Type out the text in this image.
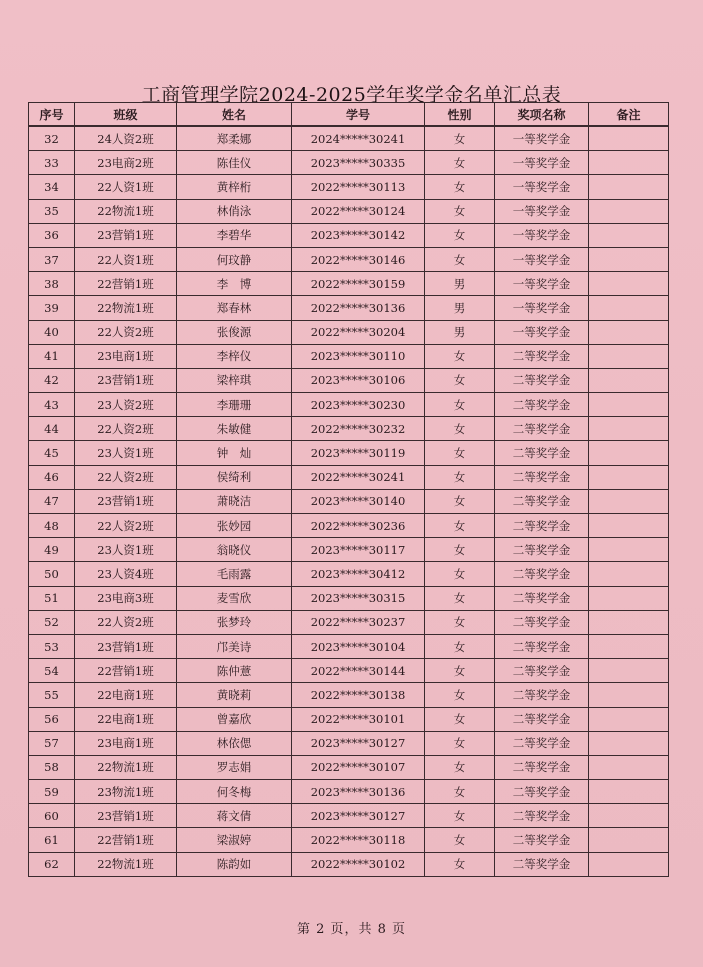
工商管理学院2024-2025学年奖学金名单汇总表
序号	班级	姓名	学号	性别	奖项名称	备注
32	24人资2班	郑柔娜	2024*****30241	女	一等奖学金	
33	23电商2班	陈佳仪	2023*****30335	女	一等奖学金	
34	22人资1班	黄梓桁	2022*****30113	女	一等奖学金	
35	22物流1班	林俏泳	2022*****30124	女	一等奖学金	
36	23营销1班	李碧华	2023*****30142	女	一等奖学金	
37	22人资1班	何玟静	2022*****30146	女	一等奖学金	
38	22营销1班	李　博	2022*****30159	男	一等奖学金	
39	22物流1班	郑春林	2022*****30136	男	一等奖学金	
40	22人资2班	张俊源	2022*****30204	男	一等奖学金	
41	23电商1班	李梓仪	2023*****30110	女	二等奖学金	
42	23营销1班	梁梓琪	2023*****30106	女	二等奖学金	
43	23人资2班	李珊珊	2023*****30230	女	二等奖学金	
44	22人资2班	朱敏健	2022*****30232	女	二等奖学金	
45	23人资1班	钟　灿	2023*****30119	女	二等奖学金	
46	22人资2班	侯绮利	2022*****30241	女	二等奖学金	
47	23营销1班	萧晓洁	2023*****30140	女	二等奖学金	
48	22人资2班	张妙园	2022*****30236	女	二等奖学金	
49	23人资1班	翁晓仪	2023*****30117	女	二等奖学金	
50	23人资4班	毛雨露	2023*****30412	女	二等奖学金	
51	23电商3班	麦雪欣	2023*****30315	女	二等奖学金	
52	22人资2班	张梦玲	2022*****30237	女	二等奖学金	
53	23营销1班	邝美诗	2023*****30104	女	二等奖学金	
54	22营销1班	陈仲薏	2022*****30144	女	二等奖学金	
55	22电商1班	黄晓莉	2022*****30138	女	二等奖学金	
56	22电商1班	曾嘉欣	2022*****30101	女	二等奖学金	
57	23电商1班	林依偲	2023*****30127	女	二等奖学金	
58	22物流1班	罗志娟	2022*****30107	女	二等奖学金	
59	23物流1班	何冬梅	2023*****30136	女	二等奖学金	
60	23营销1班	蒋文倩	2023*****30127	女	二等奖学金	
61	22营销1班	梁淑婷	2022*****30118	女	二等奖学金	
62	22物流1班	陈韵如	2022*****30102	女	二等奖学金	
第 2 页，共 8 页
